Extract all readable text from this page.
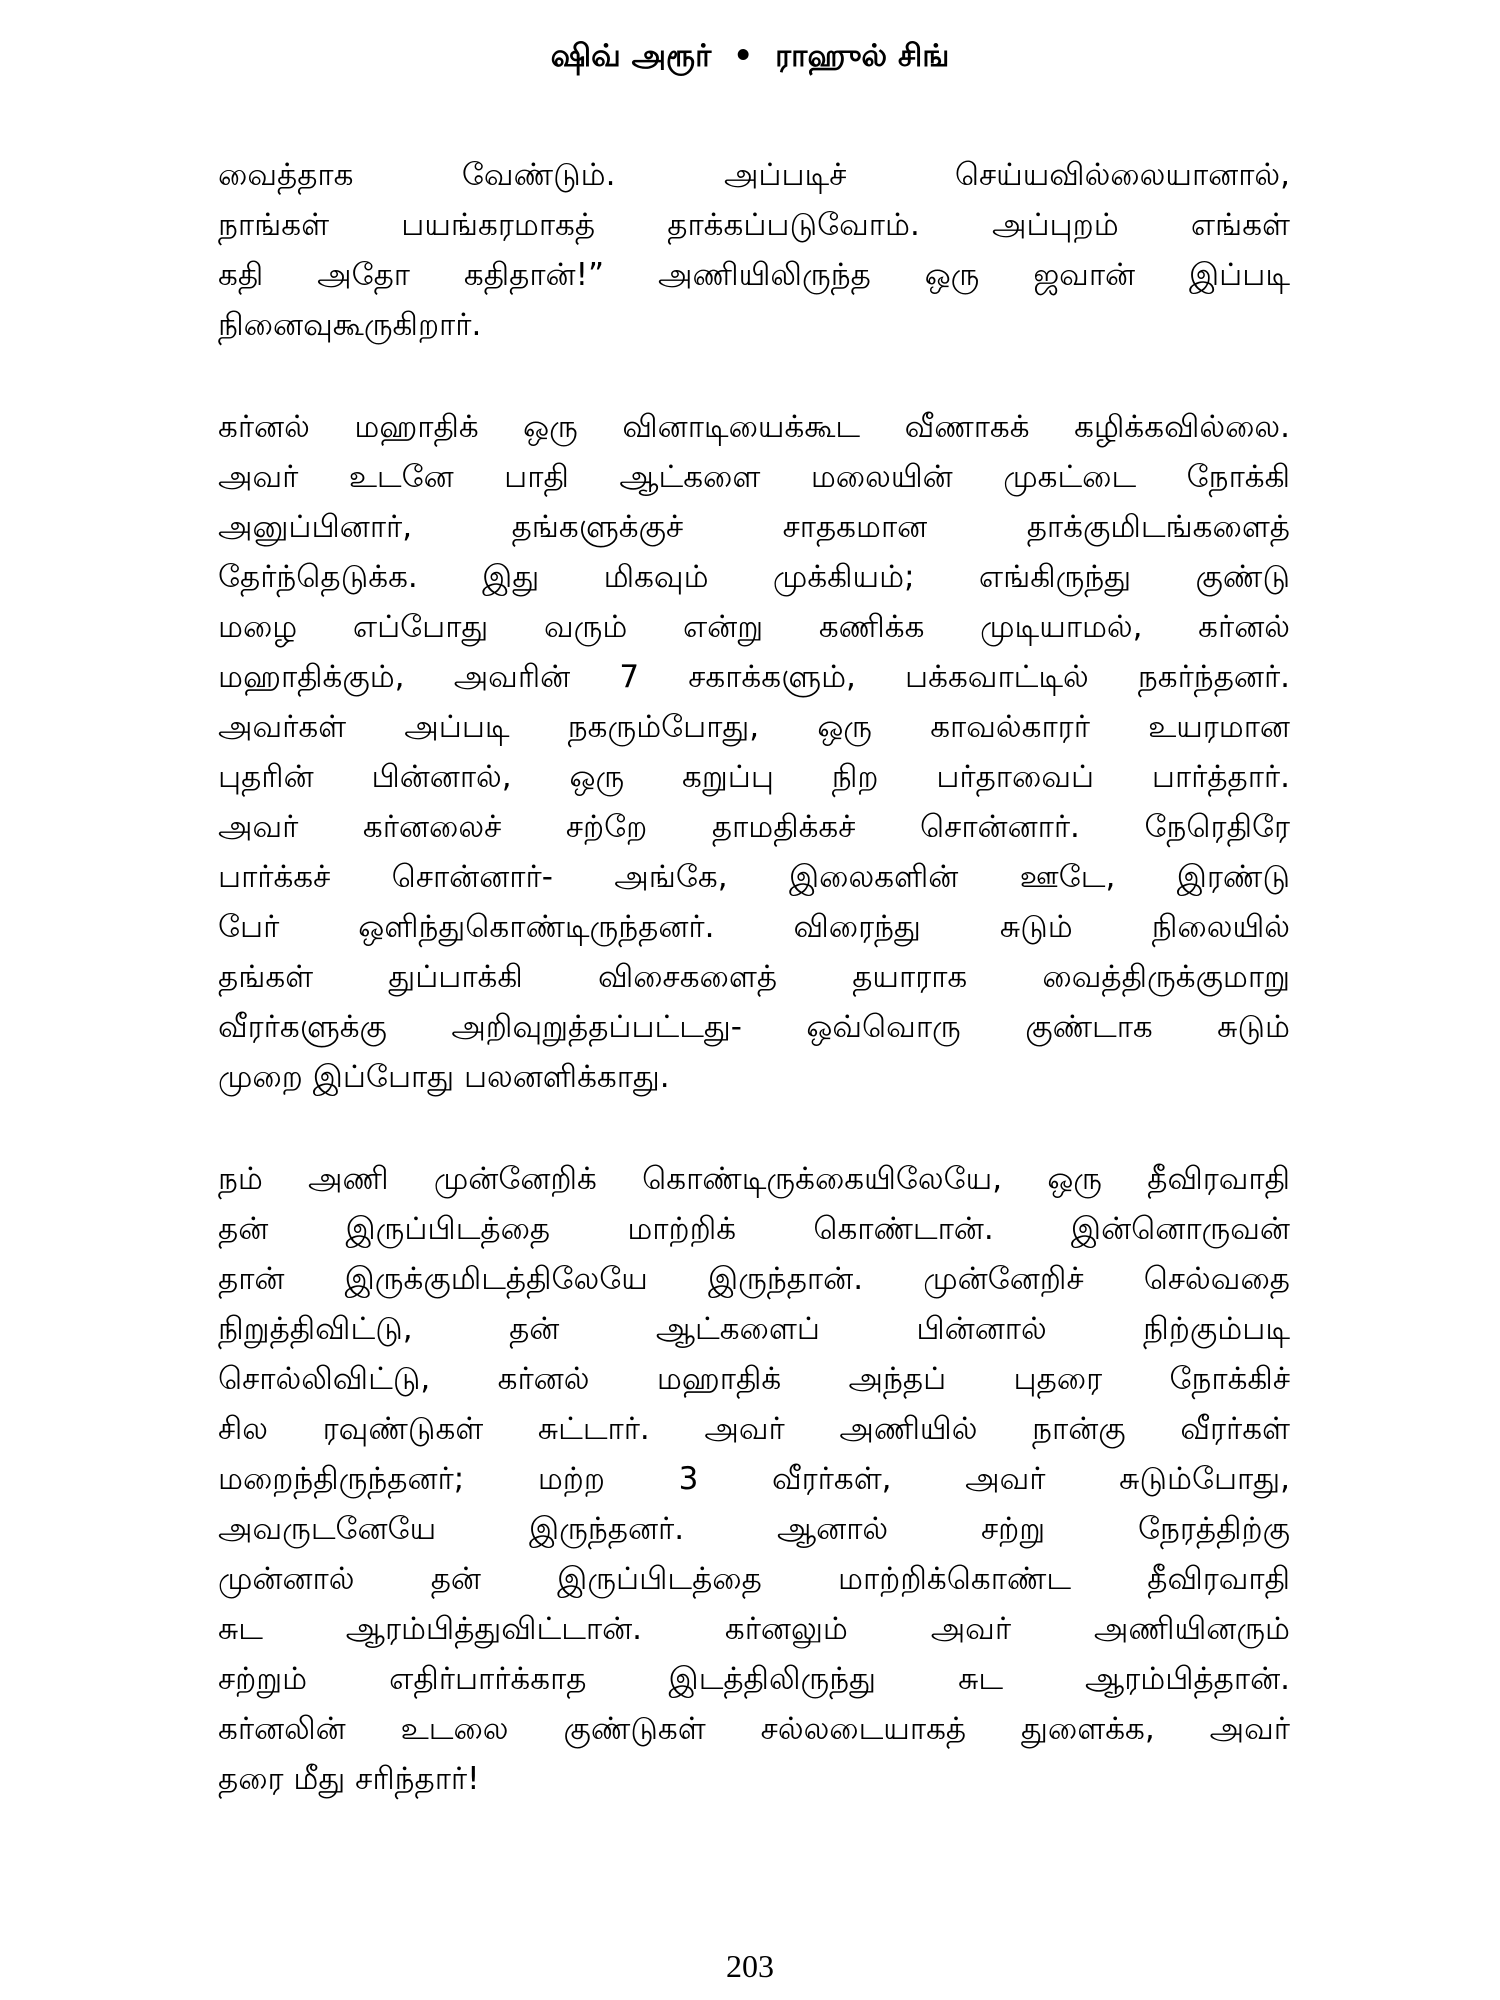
ஷிவ் அரூர் • ராஹுல் சிங்
வைத்தாக வேண்டும். அப்படிச் செய்யவில்லையானால்,
நாங்கள் பயங்கரமாகத் தாக்கப்படுவோம். அப்புறம் எங்கள்
கதி அதோ கதிதான்!” அணியிலிருந்த ஒரு ஜவான் இப்படி
நினைவுகூருகிறார்.
கர்னல் மஹாதிக் ஒரு வினாடியைக்கூட வீணாகக் கழிக்கவில்லை.
அவர் உடனே பாதி ஆட்களை மலையின் முகட்டை நோக்கி
அனுப்பினார், தங்களுக்குச் சாதகமான தாக்குமிடங்களைத்
தேர்ந்தெடுக்க. இது மிகவும் முக்கியம்; எங்கிருந்து குண்டு
மழை எப்போது வரும் என்று கணிக்க முடியாமல், கர்னல்
மஹாதிக்கும், அவரின் 7 சகாக்களும், பக்கவாட்டில் நகர்ந்தனர்.
அவர்கள் அப்படி நகரும்போது, ஒரு காவல்காரர் உயரமான
புதரின் பின்னால், ஒரு கறுப்பு நிற பர்தாவைப் பார்த்தார்.
அவர் கர்னலைச் சற்றே தாமதிக்கச் சொன்னார். நேரெதிரே
பார்க்கச் சொன்னார்- அங்கே, இலைகளின் ஊடே, இரண்டு
பேர் ஒளிந்துகொண்டிருந்தனர். விரைந்து சுடும் நிலையில்
தங்கள் துப்பாக்கி விசைகளைத் தயாராக வைத்திருக்குமாறு
வீரர்களுக்கு அறிவுறுத்தப்பட்டது- ஒவ்வொரு குண்டாக சுடும்
முறை இப்போது பலனளிக்காது.
நம் அணி முன்னேறிக் கொண்டிருக்கையிலேயே, ஒரு தீவிரவாதி
தன் இருப்பிடத்தை மாற்றிக் கொண்டான். இன்னொருவன்
தான் இருக்குமிடத்திலேயே இருந்தான். முன்னேறிச் செல்வதை
நிறுத்திவிட்டு, தன் ஆட்களைப் பின்னால் நிற்கும்படி
சொல்லிவிட்டு, கர்னல் மஹாதிக் அந்தப் புதரை நோக்கிச்
சில ரவுண்டுகள் சுட்டார். அவர் அணியில் நான்கு வீரர்கள்
மறைந்திருந்தனர்; மற்ற 3 வீரர்கள், அவர் சுடும்போது,
அவருடனேயே இருந்தனர். ஆனால் சற்று நேரத்திற்கு
முன்னால் தன் இருப்பிடத்தை மாற்றிக்கொண்ட தீவிரவாதி
சுட ஆரம்பித்துவிட்டான். கர்னலும் அவர் அணியினரும்
சற்றும் எதிர்பார்க்காத இடத்திலிருந்து சுட ஆரம்பித்தான்.
கர்னலின் உடலை குண்டுகள் சல்லடையாகத் துளைக்க, அவர்
தரை மீது சரிந்தார்!
203
